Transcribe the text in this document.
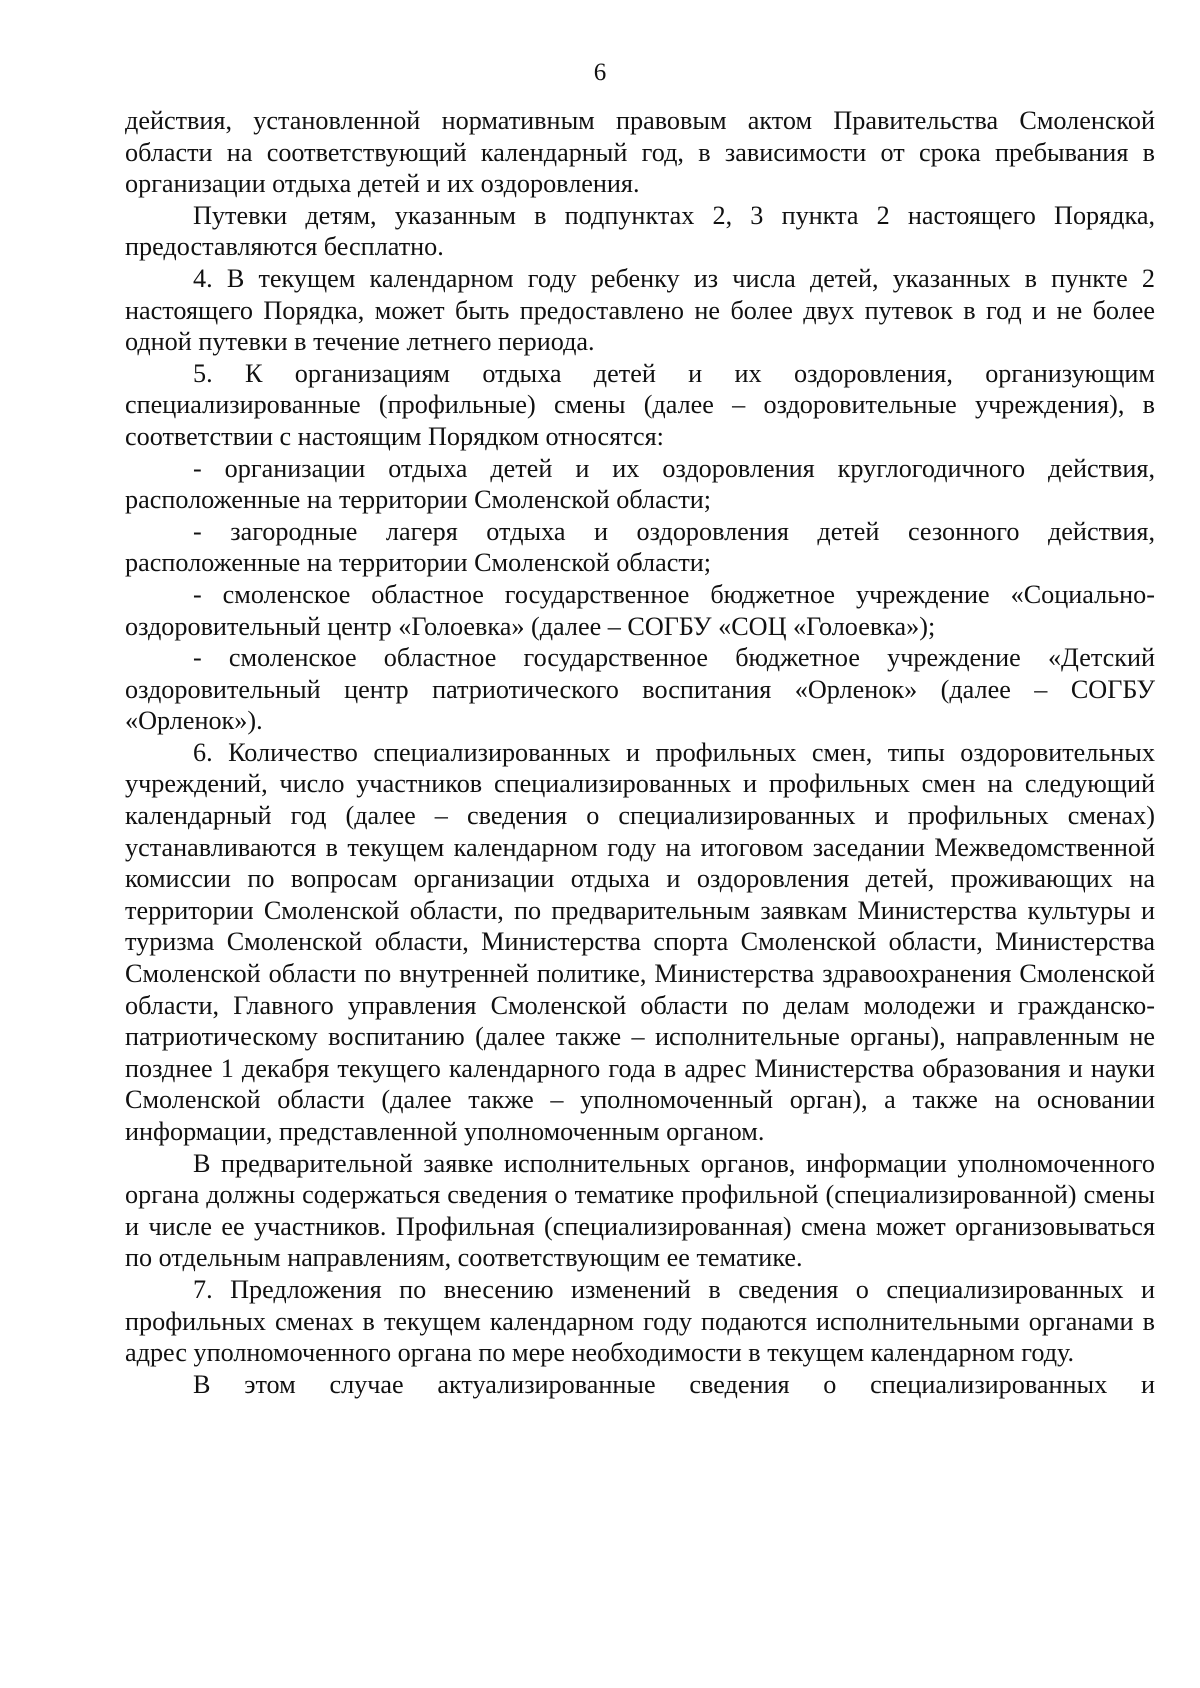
6

действия, установленной нормативным правовым актом Правительства Смоленской области на соответствующий календарный год, в зависимости от срока пребывания в организации отдыха детей и их оздоровления.

Путевки детям, указанным в подпунктах 2, 3 пункта 2 настоящего Порядка, предоставляются бесплатно.

4. В текущем календарном году ребенку из числа детей, указанных в пункте 2 настоящего Порядка, может быть предоставлено не более двух путевок в год и не более одной путевки в течение летнего периода.

5. К организациям отдыха детей и их оздоровления, организующим специализированные (профильные) смены (далее – оздоровительные учреждения), в соответствии с настоящим Порядком относятся:

- организации отдыха детей и их оздоровления круглогодичного действия, расположенные на территории Смоленской области;

- загородные лагеря отдыха и оздоровления детей сезонного действия, расположенные на территории Смоленской области;

- смоленское областное государственное бюджетное учреждение «Социально-оздоровительный центр «Голоевка» (далее – СОГБУ «СОЦ «Голоевка»);

- смоленское областное государственное бюджетное учреждение «Детский оздоровительный центр патриотического воспитания «Орленок» (далее – СОГБУ «Орленок»).

6. Количество специализированных и профильных смен, типы оздоровительных учреждений, число участников специализированных и профильных смен на следующий календарный год (далее – сведения о специализированных и профильных сменах) устанавливаются в текущем календарном году на итоговом заседании Межведомственной комиссии по вопросам организации отдыха и оздоровления детей, проживающих на территории Смоленской области, по предварительным заявкам Министерства культуры и туризма Смоленской области, Министерства спорта Смоленской области, Министерства Смоленской области по внутренней политике, Министерства здравоохранения Смоленской области, Главного управления Смоленской области по делам молодежи и гражданско-патриотическому воспитанию (далее также – исполнительные органы), направленным не позднее 1 декабря текущего календарного года в адрес Министерства образования и науки Смоленской области (далее также – уполномоченный орган), а также на основании информации, представленной уполномоченным органом.

В предварительной заявке исполнительных органов, информации уполномоченного органа должны содержаться сведения о тематике профильной (специализированной) смены и числе ее участников. Профильная (специализированная) смена может организовываться по отдельным направлениям, соответствующим ее тематике.

7. Предложения по внесению изменений в сведения о специализированных и профильных сменах в текущем календарном году подаются исполнительными органами в адрес уполномоченного органа по мере необходимости в текущем календарном году.

В этом случае актуализированные сведения о специализированных и
